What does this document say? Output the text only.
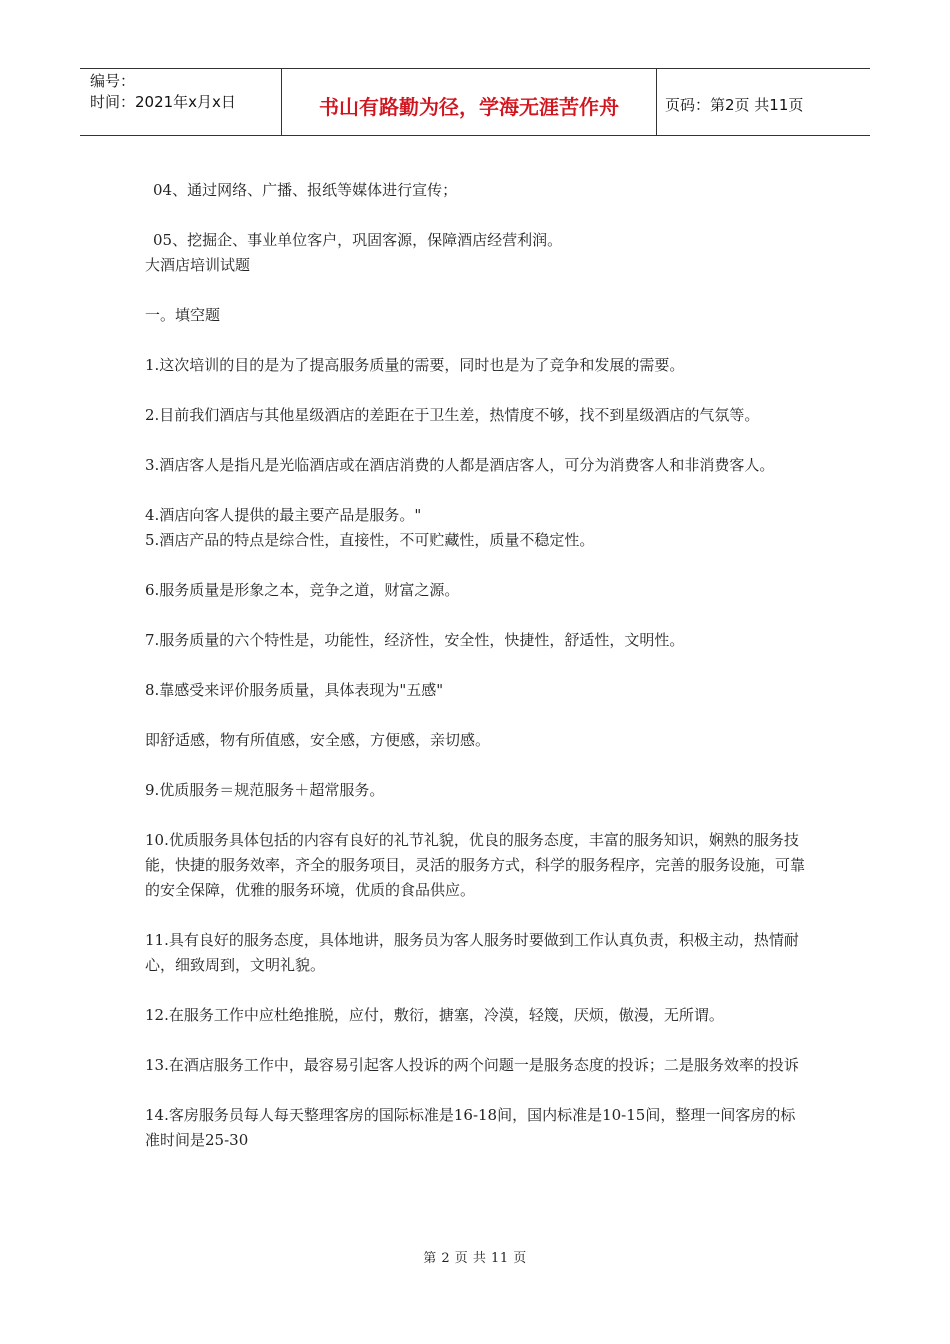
编号：
时间：2021年x月x日	书山有路勤为径，学海无涯苦作舟	页码：第2页 共11页

04、通过网络、广播、报纸等媒体进行宣传；

05、挖掘企、事业单位客户，巩固客源，保障酒店经营利润。

大酒店培训试题

一。填空题

1.这次培训的目的是为了提高服务质量的需要，同时也是为了竞争和发展的需要。

2.目前我们酒店与其他星级酒店的差距在于卫生差，热情度不够，找不到星级酒店的气氛等。

3.酒店客人是指凡是光临酒店或在酒店消费的人都是酒店客人，可分为消费客人和非消费客人。

4.酒店向客人提供的最主要产品是服务。"

5.酒店产品的特点是综合性，直接性，不可贮藏性，质量不稳定性。

6.服务质量是形象之本，竞争之道，财富之源。

7.服务质量的六个特性是，功能性，经济性，安全性，快捷性，舒适性，文明性。

8.靠感受来评价服务质量，具体表现为"五感"

即舒适感，物有所值感，安全感，方便感，亲切感。

9.优质服务＝规范服务＋超常服务。

10.优质服务具体包括的内容有良好的礼节礼貌，优良的服务态度，丰富的服务知识，娴熟的服务技能，快捷的服务效率，齐全的服务项目，灵活的服务方式，科学的服务程序，完善的服务设施，可靠的安全保障，优雅的服务环境，优质的食品供应。

11.具有良好的服务态度，具体地讲，服务员为客人服务时要做到工作认真负责，积极主动，热情耐心，细致周到，文明礼貌。

12.在服务工作中应杜绝推脱，应付，敷衍，搪塞，冷漠，轻篾，厌烦，傲漫，无所谓。

13.在酒店服务工作中，最容易引起客人投诉的两个问题一是服务态度的投诉；二是服务效率的投诉

14.客房服务员每人每天整理客房的国际标准是16-18间，国内标准是10-15间，整理一间客房的标准时间是25-30

第 2 页 共 11 页
